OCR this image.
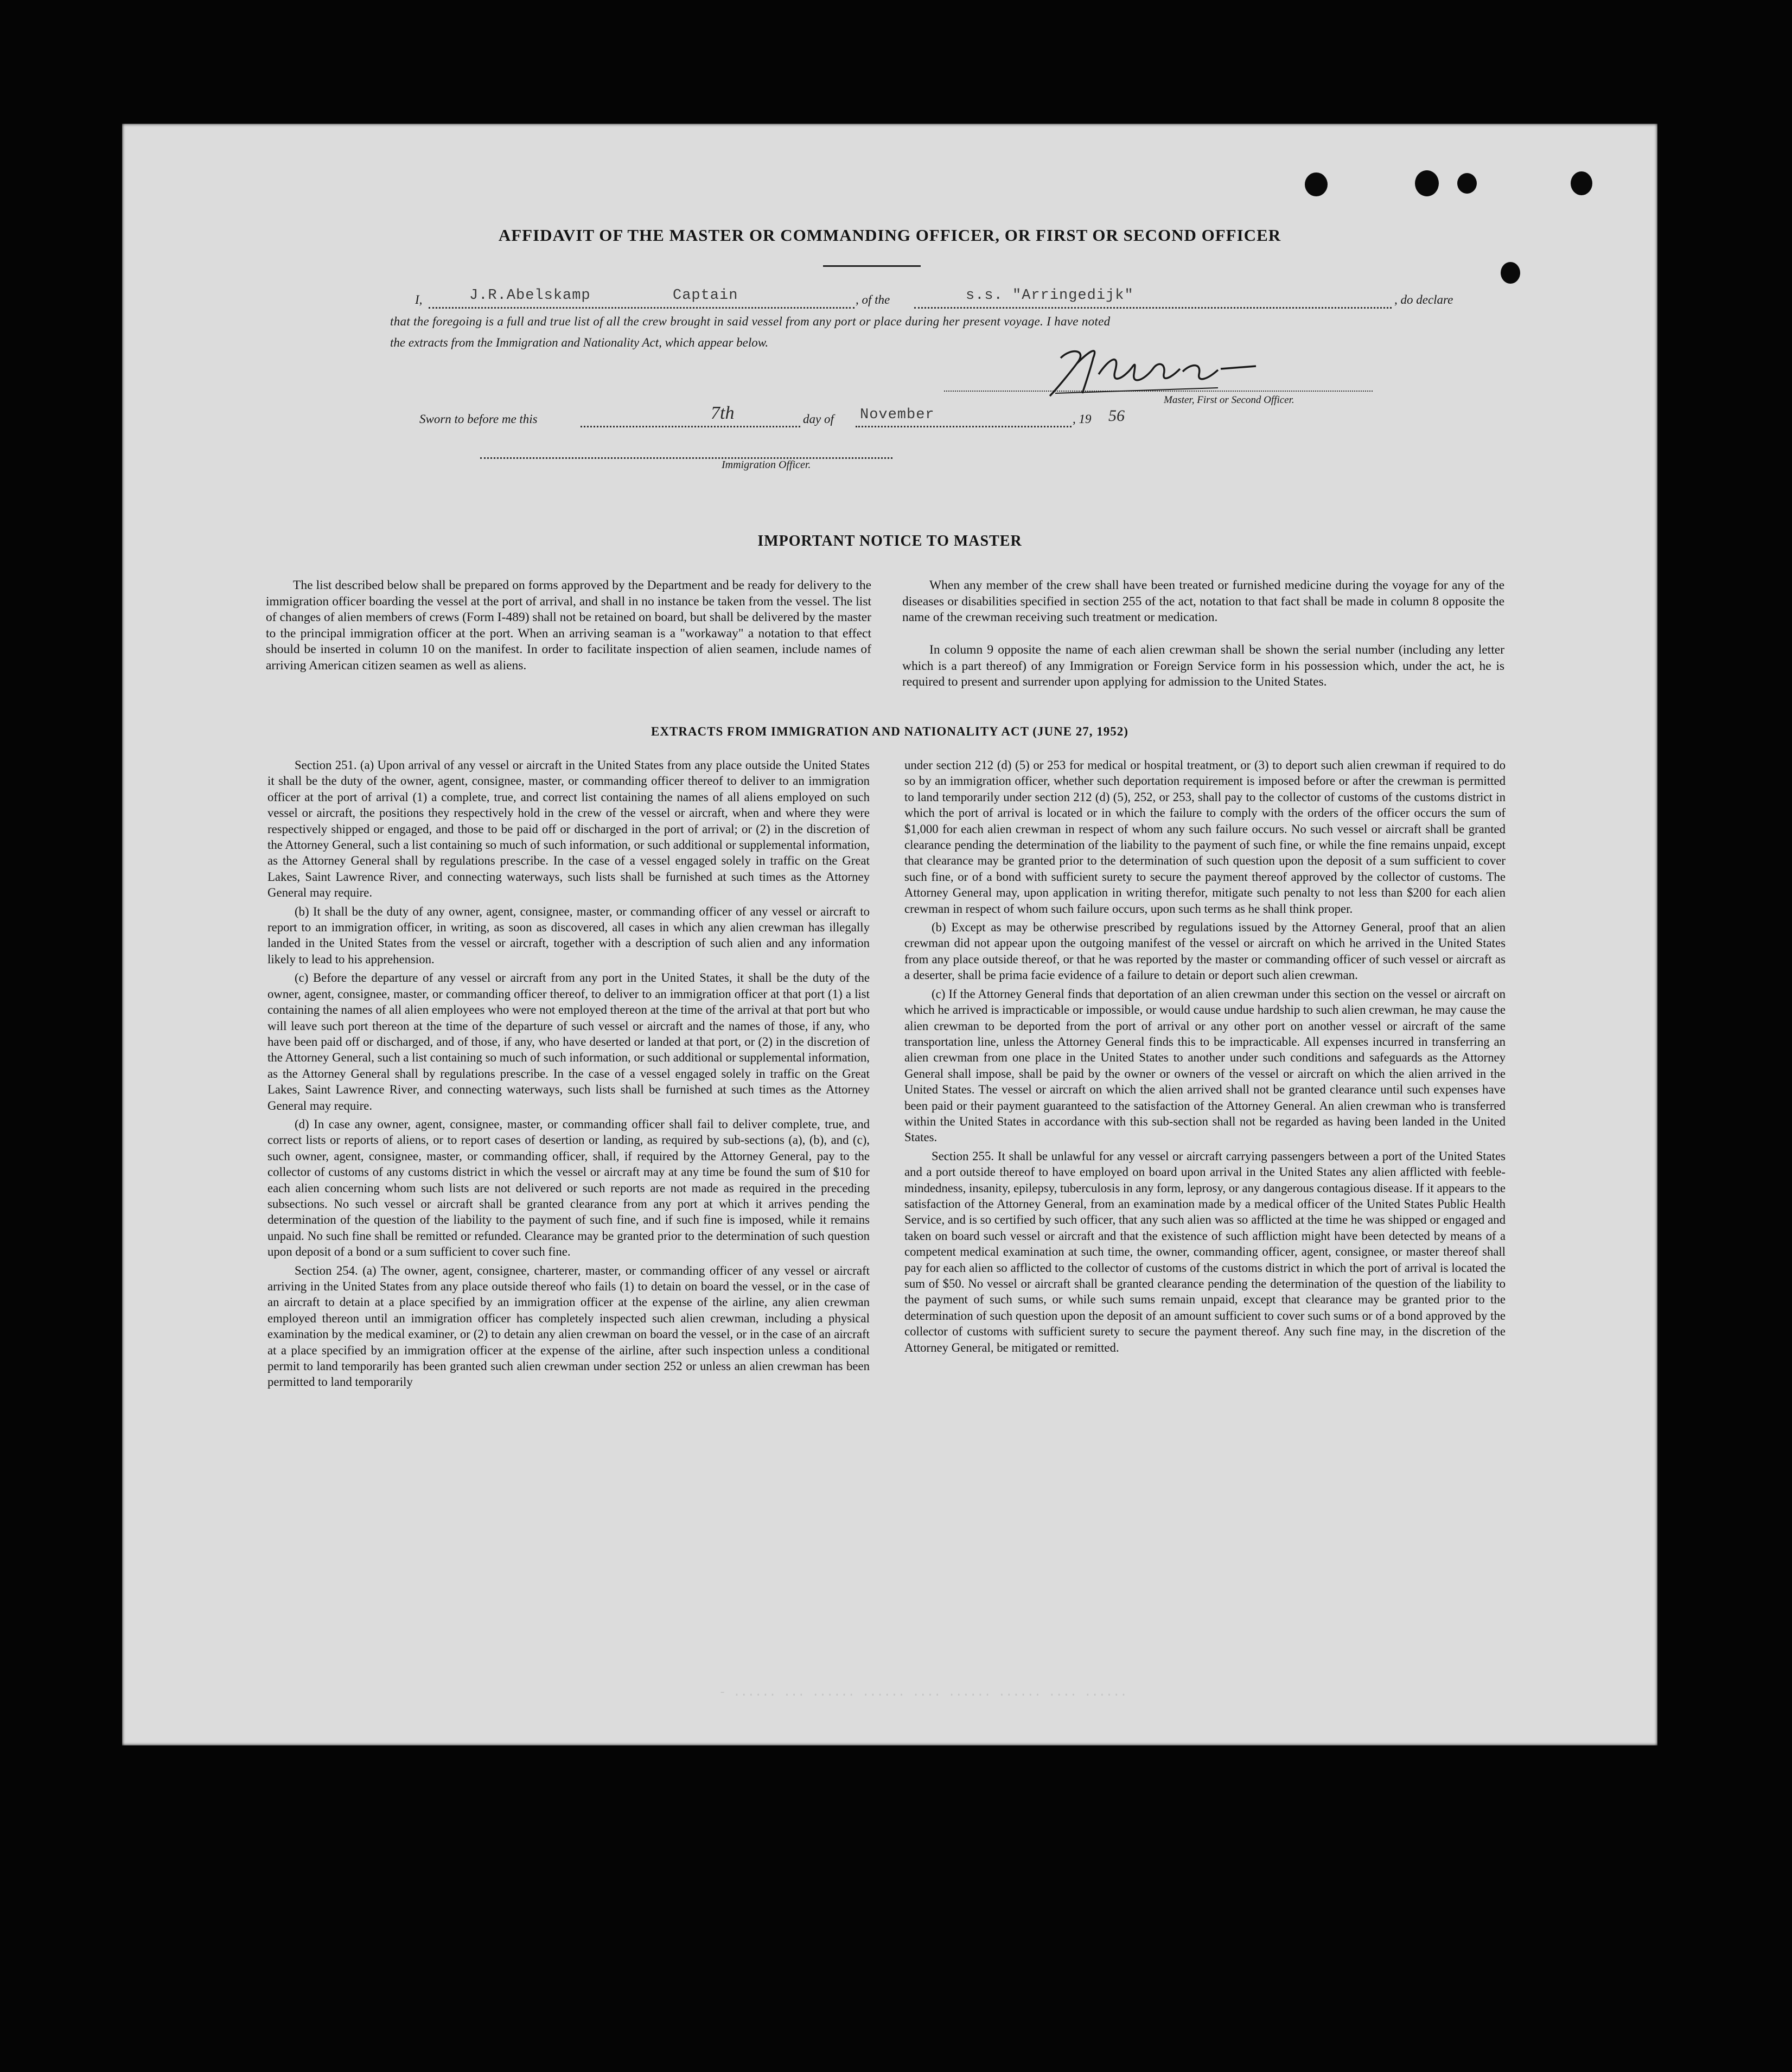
AFFIDAVIT OF THE MASTER OR COMMANDING OFFICER, OR FIRST OR SECOND OFFICER
I,	J.R.Abelskamp	Captain	, of the	s.s. "Arringedijk"	, do declare
that the foregoing is a full and true list of all the crew brought in said vessel from any port or place during her present voyage. I have noted
the extracts from the Immigration and Nationality Act, which appear below.
Master, First or Second Officer.
Sworn to before me this	7th	day of November	, 19 56
Immigration Officer.
IMPORTANT NOTICE TO MASTER

The list described below shall be prepared on forms approved by the Department and be ready for delivery to the immigration officer boarding the vessel at the port of arrival, and shall in no instance be taken from the vessel. The list of changes of alien members of crews (Form I-489) shall not be retained on board, but shall be delivered by the master to the principal immigration officer at the port. When an arriving seaman is a "workaway" a notation to that effect should be inserted in column 10 on the manifest. In order to facilitate inspection of alien seamen, include names of arriving American citizen seamen as well as aliens.

When any member of the crew shall have been treated or furnished medicine during the voyage for any of the diseases or disabilities specified in section 255 of the act, notation to that fact shall be made in column 8 opposite the name of the crewman receiving such treatment or medication.

In column 9 opposite the name of each alien crewman shall be shown the serial number (including any letter which is a part thereof) of any Immigration or Foreign Service form in his possession which, under the act, he is required to present and surrender upon applying for admission to the United States.

EXTRACTS FROM IMMIGRATION AND NATIONALITY ACT (JUNE 27, 1952)

Section 251. (a) Upon arrival of any vessel or aircraft in the United States from any place outside the United States it shall be the duty of the owner, agent, consignee, master, or commanding officer thereof to deliver to an immigration officer at the port of arrival (1) a complete, true, and correct list containing the names of all aliens employed on such vessel or aircraft, the positions they respectively hold in the crew of the vessel or aircraft, when and where they were respectively shipped or engaged, and those to be paid off or discharged in the port of arrival; or (2) in the discretion of the Attorney General, such a list containing so much of such information, or such additional or supplemental information, as the Attorney General shall by regulations prescribe. In the case of a vessel engaged solely in traffic on the Great Lakes, Saint Lawrence River, and connecting waterways, such lists shall be furnished at such times as the Attorney General may require.

(b) It shall be the duty of any owner, agent, consignee, master, or commanding officer of any vessel or aircraft to report to an immigration officer, in writing, as soon as discovered, all cases in which any alien crewman has illegally landed in the United States from the vessel or aircraft, together with a description of such alien and any information likely to lead to his apprehension.

(c) Before the departure of any vessel or aircraft from any port in the United States, it shall be the duty of the owner, agent, consignee, master, or commanding officer thereof, to deliver to an immigration officer at that port (1) a list containing the names of all alien employees who were not employed thereon at the time of the arrival at that port but who will leave such port thereon at the time of the departure of such vessel or aircraft and the names of those, if any, who have been paid off or discharged, and of those, if any, who have deserted or landed at that port, or (2) in the discretion of the Attorney General, such a list containing so much of such information, or such additional or supplemental information, as the Attorney General shall by regulations prescribe. In the case of a vessel engaged solely in traffic on the Great Lakes, Saint Lawrence River, and connecting waterways, such lists shall be furnished at such times as the Attorney General may require.

(d) In case any owner, agent, consignee, master, or commanding officer shall fail to deliver complete, true, and correct lists or reports of aliens, or to report cases of desertion or landing, as required by sub-sections (a), (b), and (c), such owner, agent, consignee, master, or commanding officer, shall, if required by the Attorney General, pay to the collector of customs of any customs district in which the vessel or aircraft may at any time be found the sum of $10 for each alien concerning whom such lists are not delivered or such reports are not made as required in the preceding subsections. No such vessel or aircraft shall be granted clearance from any port at which it arrives pending the determination of the question of the liability to the payment of such fine, and if such fine is imposed, while it remains unpaid. No such fine shall be remitted or refunded. Clearance may be granted prior to the determination of such question upon deposit of a bond or a sum sufficient to cover such fine.

Section 254. (a) The owner, agent, consignee, charterer, master, or commanding officer of any vessel or aircraft arriving in the United States from any place outside thereof who fails (1) to detain on board the vessel, or in the case of an aircraft to detain at a place specified by an immigration officer at the expense of the airline, any alien crewman employed thereon until an immigration officer has completely inspected such alien crewman, including a physical examination by the medical examiner, or (2) to detain any alien crewman on board the vessel, or in the case of an aircraft at a place specified by an immigration officer at the expense of the airline, after such inspection unless a conditional permit to land temporarily has been granted such alien crewman under section 252 or unless an alien crewman has been permitted to land temporarily

under section 212 (d) (5) or 253 for medical or hospital treatment, or (3) to deport such alien crewman if required to do so by an immigration officer, whether such deportation requirement is imposed before or after the crewman is permitted to land temporarily under section 212 (d) (5), 252, or 253, shall pay to the collector of customs of the customs district in which the port of arrival is located or in which the failure to comply with the orders of the officer occurs the sum of $1,000 for each alien crewman in respect of whom any such failure occurs. No such vessel or aircraft shall be granted clearance pending the determination of the liability to the payment of such fine, or while the fine remains unpaid, except that clearance may be granted prior to the determination of such question upon the deposit of a sum sufficient to cover such fine, or of a bond with sufficient surety to secure the payment thereof approved by the collector of customs. The Attorney General may, upon application in writing therefor, mitigate such penalty to not less than $200 for each alien crewman in respect of whom such failure occurs, upon such terms as he shall think proper.

(b) Except as may be otherwise prescribed by regulations issued by the Attorney General, proof that an alien crewman did not appear upon the outgoing manifest of the vessel or aircraft on which he arrived in the United States from any place outside thereof, or that he was reported by the master or commanding officer of such vessel or aircraft as a deserter, shall be prima facie evidence of a failure to detain or deport such alien crewman.

(c) If the Attorney General finds that deportation of an alien crewman under this section on the vessel or aircraft on which he arrived is impracticable or impossible, or would cause undue hardship to such alien crewman, he may cause the alien crewman to be deported from the port of arrival or any other port on another vessel or aircraft of the same transportation line, unless the Attorney General finds this to be impracticable. All expenses incurred in transferring an alien crewman from one place in the United States to another under such conditions and safeguards as the Attorney General shall impose, shall be paid by the owner or owners of the vessel or aircraft on which the alien arrived in the United States. The vessel or aircraft on which the alien arrived shall not be granted clearance until such expenses have been paid or their payment guaranteed to the satisfaction of the Attorney General. An alien crewman who is transferred within the United States in accordance with this sub-section shall not be regarded as having been landed in the United States.

Section 255. It shall be unlawful for any vessel or aircraft carrying passengers between a port of the United States and a port outside thereof to have employed on board upon arrival in the United States any alien afflicted with feeble-mindedness, insanity, epilepsy, tuberculosis in any form, leprosy, or any dangerous contagious disease. If it appears to the satisfaction of the Attorney General, from an examination made by a medical officer of the United States Public Health Service, and is so certified by such officer, that any such alien was so afflicted at the time he was shipped or engaged and taken on board such vessel or aircraft and that the existence of such affliction might have been detected by means of a competent medical examination at such time, the owner, commanding officer, agent, consignee, or master thereof shall pay for each alien so afflicted to the collector of customs of the customs district in which the port of arrival is located the sum of $50. No vessel or aircraft shall be granted clearance pending the determination of the question of the liability to the payment of such sums, or while such sums remain unpaid, except that clearance may be granted prior to the determination of such question upon the deposit of an amount sufficient to cover such sums or of a bond approved by the collector of customs with sufficient surety to secure the payment thereof. Any such fine may, in the discretion of the Attorney General, be mitigated or remitted.

- ...... ... ...... ...... .... ...... ...... .... ......
